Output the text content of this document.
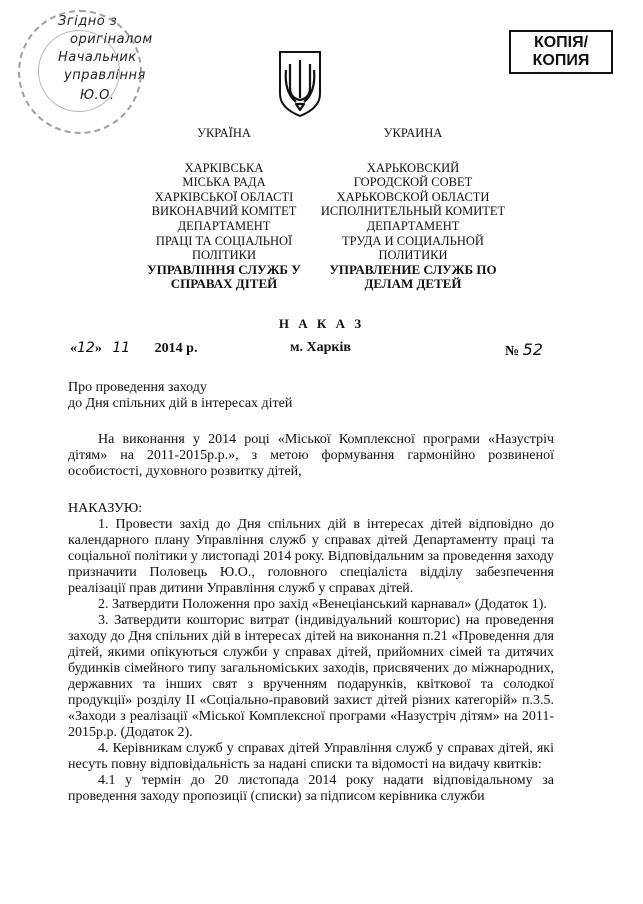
Згідно з
оригіналом
Начальник
управління
Ю.О.
КОПІЯ/
КОПИЯ
УКРАЇНА
ХАРКІВСЬКА
МІСЬКА РАДА
ХАРКІВСЬКОЇ ОБЛАСТІ
ВИКОНАВЧИЙ КОМІТЕТ
ДЕПАРТАМЕНТ
ПРАЦІ ТА СОЦІАЛЬНОЇ
ПОЛІТИКИ
УПРАВЛІННЯ СЛУЖБ У
СПРАВАХ ДІТЕЙ
УКРАИНА
ХАРЬКОВСКИЙ
ГОРОДСКОЙ СОВЕТ
ХАРЬКОВСКОЙ ОБЛАСТИ
ИСПОЛНИТЕЛЬНЫЙ КОМИТЕТ
ДЕПАРТАМЕНТ
ТРУДА И СОЦИАЛЬНОЙ
ПОЛИТИКИ
УПРАВЛЕНИЕ СЛУЖБ ПО
ДЕЛАМ ДЕТЕЙ
Н А К А З
«12» 11 2014 р.	м. Харків	№ 52
Про проведення заходу
до Дня спільних дій в інтересах дітей

На виконання у 2014 році «Міської Комплексної програми «Назустріч дітям» на 2011-2015р.р.», з метою формування гармонійно розвиненої особистості, духовного розвитку дітей,

НАКАЗУЮ:

1. Провести захід до Дня спільних дій в інтересах дітей відповідно до календарного плану Управління служб у справах дітей Департаменту праці та соціальної політики у листопаді 2014 року. Відповідальним за проведення заходу призначити Половець Ю.О., головного спеціаліста відділу забезпечення реалізації прав дитини Управління служб у справах дітей.

2. Затвердити Положення про захід «Венеціанський карнавал» (Додаток 1).

3. Затвердити кошторис витрат (індивідуальний кошторис) на проведення заходу до Дня спільних дій в інтересах дітей на виконання п.21 «Проведення для дітей, якими опікуються служби у справах дітей, прийомних сімей та дитячих будинків сімейного типу загальноміських заходів, присвячених до міжнародних, державних та інших свят з врученням подарунків, квіткової та солодкої продукції» розділу ІІ «Соціально-правовий захист дітей різних категорій» п.3.5. «Заходи з реалізації «Міської Комплексної програми «Назустріч дітям» на 2011-2015р.р. (Додаток 2).

4. Керівникам служб у справах дітей Управління служб у справах дітей, які несуть повну відповідальність за надані списки та відомості на видачу квитків:

4.1 у термін до 20 листопада 2014 року надати відповідальному за проведення заходу пропозиції (списки) за підписом керівника служби
